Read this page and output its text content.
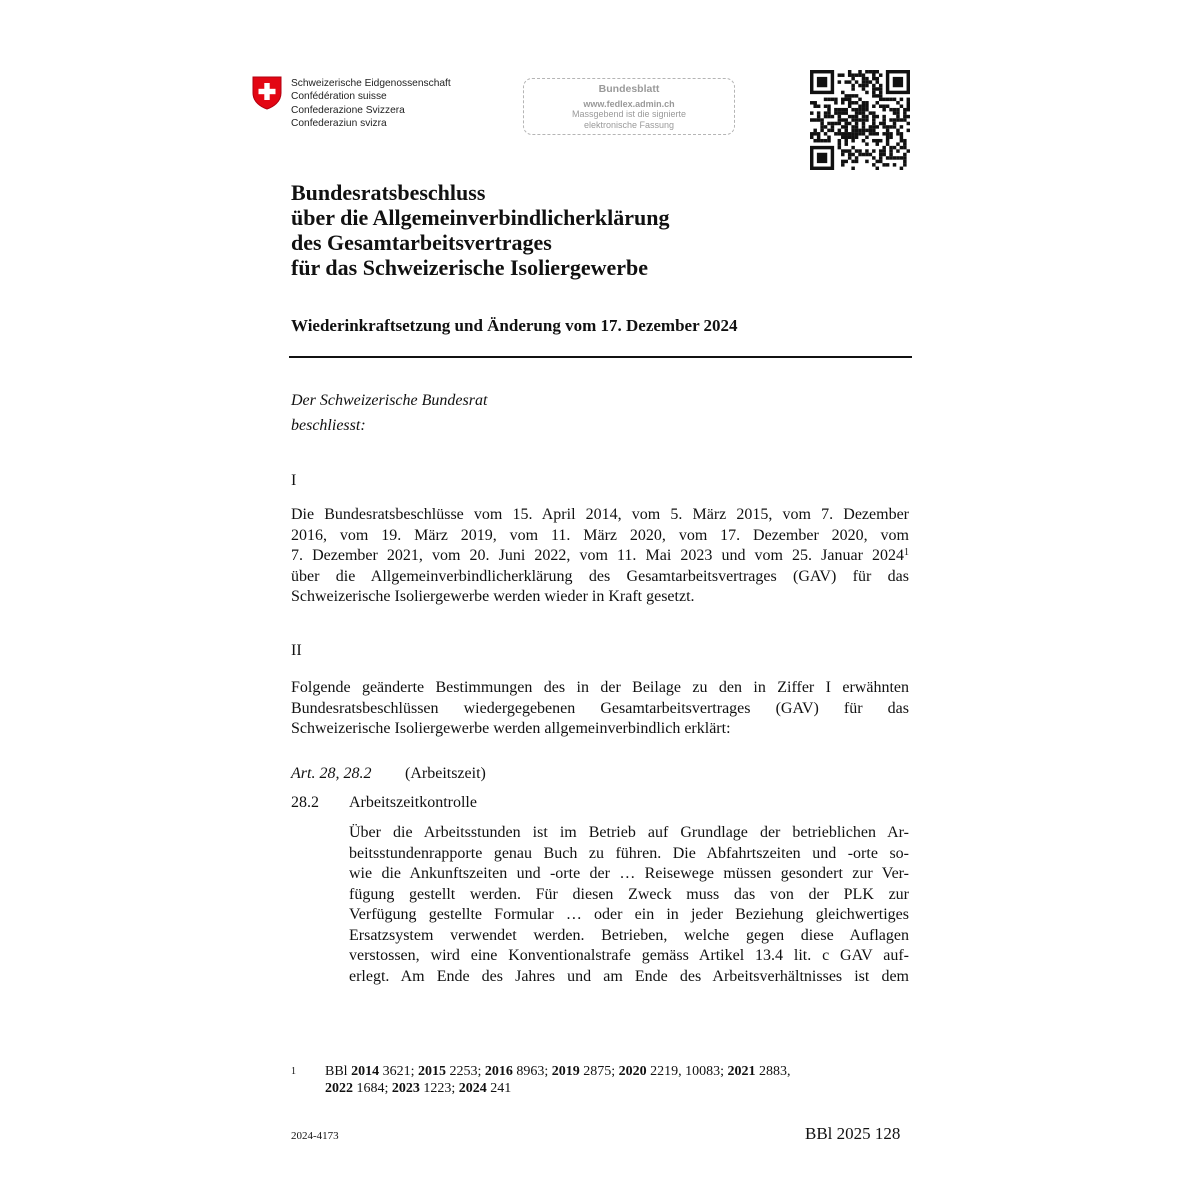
Schweizerische Eidgenossenschaft
Confédération suisse
Confederazione Svizzera
Confederaziun svizra
Bundesblatt
www.fedlex.admin.ch
Massgebend ist die signierte
elektronische Fassung
Bundesratsbeschluss
über die Allgemeinverbindlicherklärung
des Gesamtarbeitsvertrages
für das Schweizerische Isoliergewerbe
Wiederinkraftsetzung und Änderung vom 17. Dezember 2024
Der Schweizerische Bundesrat
beschliesst:
I
Die Bundesratsbeschlüsse vom 15. April 2014, vom 5. März 2015, vom 7. Dezember
2016, vom 19. März 2019, vom 11. März 2020, vom 17. Dezember 2020, vom
7. Dezember 2021, vom 20. Juni 2022, vom 11. Mai 2023 und vom 25. Januar 2024$^1$
über die Allgemeinverbindlicherklärung des Gesamtarbeitsvertrages (GAV) für das
Schweizerische Isoliergewerbe werden wieder in Kraft gesetzt.
II
Folgende geänderte Bestimmungen des in der Beilage zu den in Ziffer I erwähnten
Bundesratsbeschlüssen wiedergegebenen Gesamtarbeitsvertrages (GAV) für das
Schweizerische Isoliergewerbe werden allgemeinverbindlich erklärt:
Art. 28, 28.2 (Arbeitszeit)
28.2 Arbeitszeitkontrolle
Über die Arbeitsstunden ist im Betrieb auf Grundlage der betrieblichen Ar-
beitsstundenrapporte genau Buch zu führen. Die Abfahrtszeiten und -orte so-
wie die Ankunftszeiten und -orte der … Reisewege müssen gesondert zur Ver-
fügung gestellt werden. Für diesen Zweck muss das von der PLK zur
Verfügung gestellte Formular … oder ein in jeder Beziehung gleichwertiges
Ersatzsystem verwendet werden. Betrieben, welche gegen diese Auflagen
verstossen, wird eine Konventionalstrafe gemäss Artikel 13.4 lit. c GAV auf-
erlegt. Am Ende des Jahres und am Ende des Arbeitsverhältnisses ist dem
1 BBl 2014 3621; 2015 2253; 2016 8963; 2019 2875; 2020 2219, 10083; 2021 2883,
2022 1684; 2023 1223; 2024 241
2024-4173	BBl 2025 128
